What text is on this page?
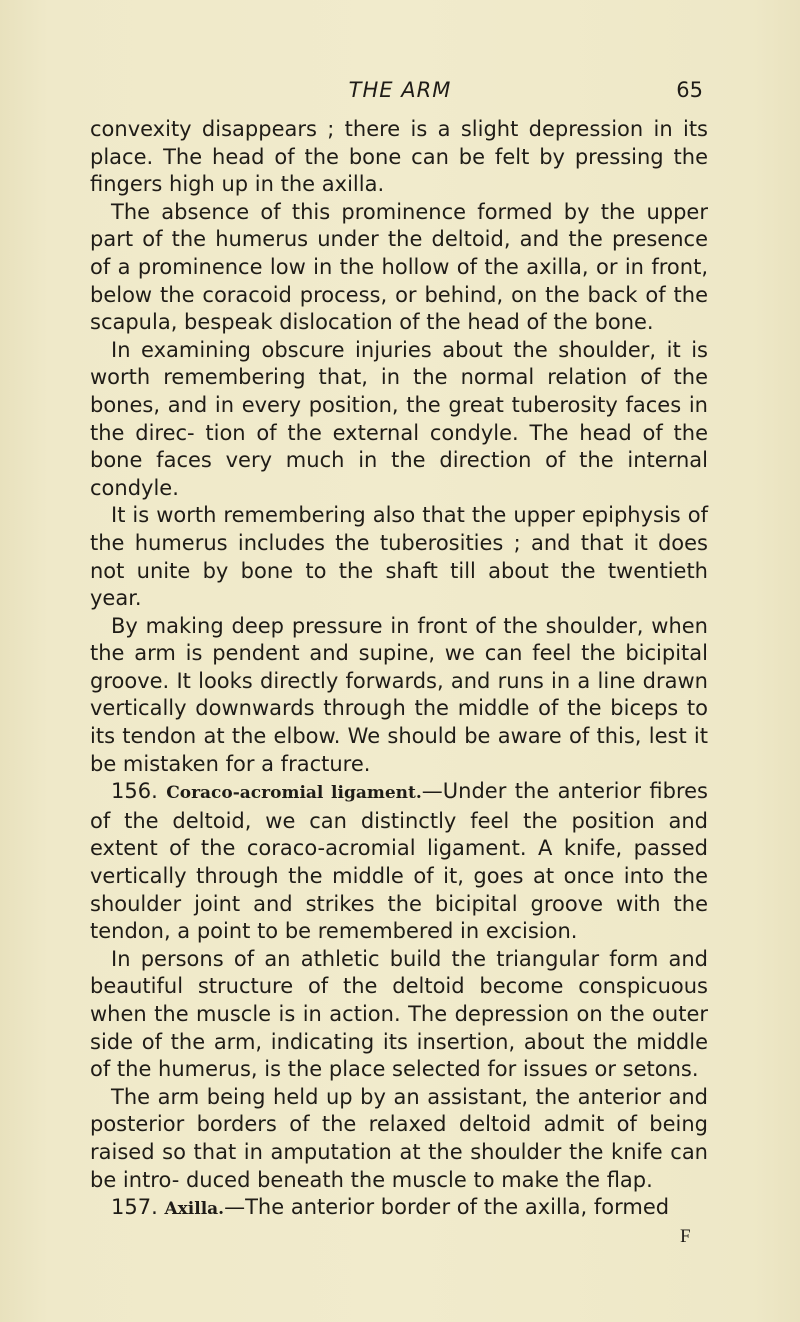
THE ARM	65

convexity disappears ; there is a slight depression in its place. The head of the bone can be felt by pressing the fingers high up in the axilla.

The absence of this prominence formed by the upper part of the humerus under the deltoid, and the presence of a prominence low in the hollow of the axilla, or in front, below the coracoid process, or behind, on the back of the scapula, bespeak dislocation of the head of the bone.

In examining obscure injuries about the shoulder, it is worth remembering that, in the normal relation of the bones, and in every position, the great tuberosity faces in the direc- tion of the external condyle. The head of the bone faces very much in the direction of the internal condyle.

It is worth remembering also that the upper epiphysis of the humerus includes the tuberosities ; and that it does not unite by bone to the shaft till about the twentieth year.

By making deep pressure in front of the shoulder, when the arm is pendent and supine, we can feel the bicipital groove. It looks directly forwards, and runs in a line drawn vertically downwards through the middle of the biceps to its tendon at the elbow. We should be aware of this, lest it be mistaken for a fracture.

156. Coraco-acromial ligament.—Under the anterior fibres of the deltoid, we can distinctly feel the position and extent of the coraco-acromial ligament. A knife, passed vertically through the middle of it, goes at once into the shoulder joint and strikes the bicipital groove with the tendon, a point to be remembered in excision.

In persons of an athletic build the triangular form and beautiful structure of the deltoid become conspicuous when the muscle is in action. The depression on the outer side of the arm, indicating its insertion, about the middle of the humerus, is the place selected for issues or setons.

The arm being held up by an assistant, the anterior and posterior borders of the relaxed deltoid admit of being raised so that in amputation at the shoulder the knife can be intro- duced beneath the muscle to make the flap.

157. Axilla.—The anterior border of the axilla, formed

F
